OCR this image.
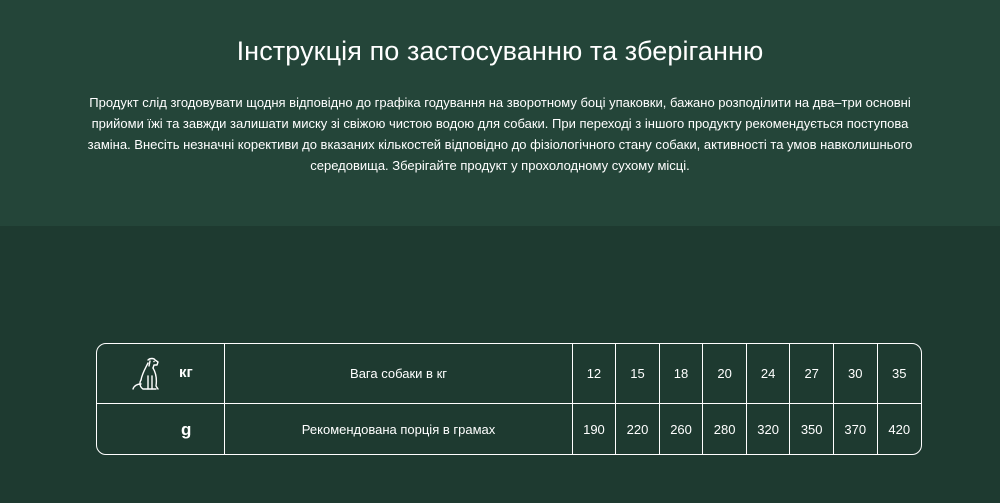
Інструкція по застосуванню та зберіганню
Продукт слід згодовувати щодня відповідно до графіка годування на зворотному боці упаковки, бажано розподілити на два–три основні прийоми їжі та завжди залишати миску зі свіжою чистою водою для собаки. При переході з іншого продукту рекомендується поступова заміна. Внесіть незначні корективи до вказаних кількостей відповідно до фізіологічного стану собаки, активності та умов навколишнього середовища. Зберігайте продукт у прохолодному сухому місці.
кг	Вага собаки в кг	12	15	18	20	24	27	30	35
g	Рекомендована порція в грамах	190	220	260	280	320	350	370	420
